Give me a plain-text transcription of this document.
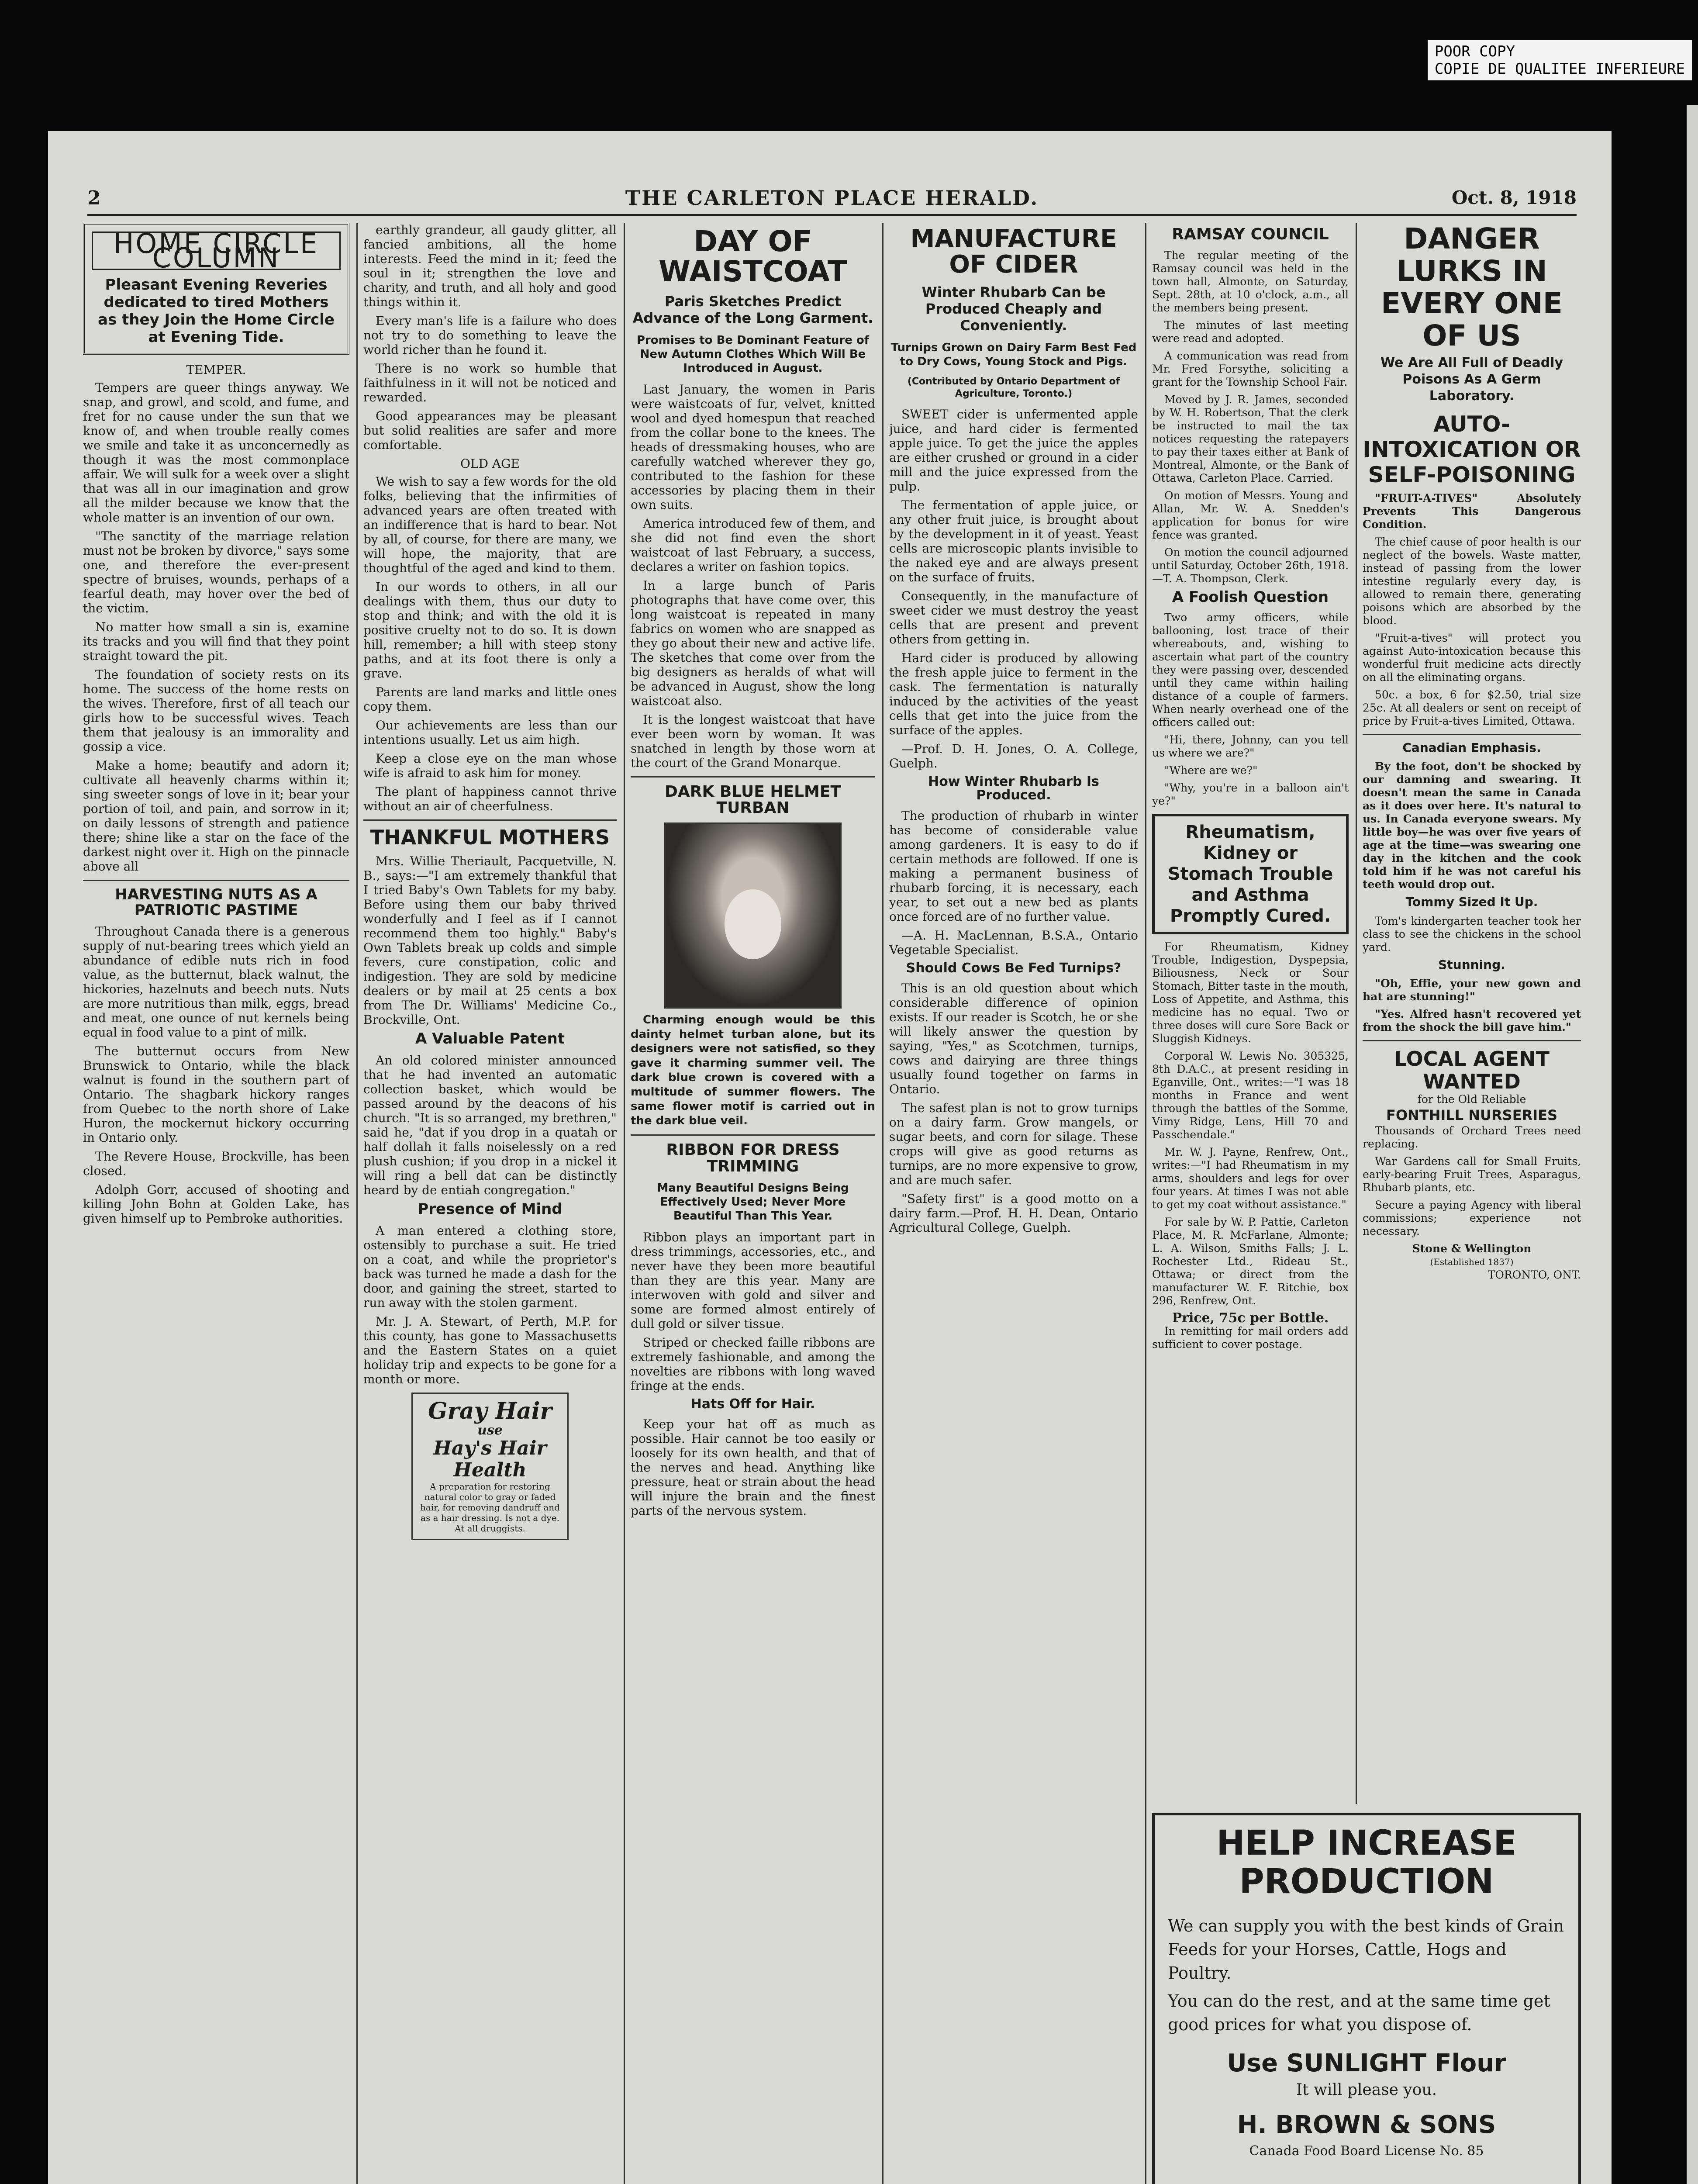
POOR COPY
COPIE DE QUALITEE INFERIEURE
2	THE CARLETON PLACE HERALD.	Oct. 8, 1918
HOME CIRCLE COLUMN
Pleasant Evening Reveries dedicated to tired Mothers as they Join the Home Circle at Evening Tide.
TEMPER.

Tempers are queer things anyway. We snap, and growl, and scold, and fume, and fret for no cause under the sun that we know of, and when trouble really comes we smile and take it as unconcernedly as though it was the most commonplace affair. We will sulk for a week over a slight that was all in our imagination and grow all the milder because we know that the whole matter is an invention of our own.

"The sanctity of the marriage relation must not be broken by divorce," says some one, and therefore the ever-present spectre of bruises, wounds, perhaps of a fearful death, may hover over the bed of the victim.

No matter how small a sin is, examine its tracks and you will find that they point straight toward the pit.

The foundation of society rests on its home. The success of the home rests on the wives. Therefore, first of all teach our girls how to be successful wives. Teach them that jealousy is an immorality and gossip a vice.

Make a home; beautify and adorn it; cultivate all heavenly charms within it; sing sweeter songs of love in it; bear your portion of toil, and pain, and sorrow in it; on daily lessons of strength and patience there; shine like a star on the face of the darkest night over it. High on the pinnacle above all

HARVESTING NUTS AS A PATRIOTIC PASTIME

Throughout Canada there is a generous supply of nut-bearing trees which yield an abundance of edible nuts rich in food value, as the butternut, black walnut, the hickories, hazelnuts and beech nuts. Nuts are more nutritious than milk, eggs, bread and meat, one ounce of nut kernels being equal in food value to a pint of milk.

The butternut occurs from New Brunswick to Ontario, while the black walnut is found in the southern part of Ontario. The shagbark hickory ranges from Quebec to the north shore of Lake Huron, the mockernut hickory occurring in Ontario only.

The Revere House, Brockville, has been closed.

Adolph Gorr, accused of shooting and killing John Bohn at Golden Lake, has given himself up to Pembroke authorities.

earthly grandeur, all gaudy glitter, all fancied ambitions, all the home interests. Feed the mind in it; feed the soul in it; strengthen the love and charity, and truth, and all holy and good things within it.

Every man's life is a failure who does not try to do something to leave the world richer than he found it.

There is no work so humble that faithfulness in it will not be noticed and rewarded.

Good appearances may be pleasant but solid realities are safer and more comfortable.

OLD AGE

We wish to say a few words for the old folks, believing that the infirmities of advanced years are often treated with an indifference that is hard to bear. Not by all, of course, for there are many, we will hope, the majority, that are thoughtful of the aged and kind to them.

In our words to others, in all our dealings with them, thus our duty to stop and think; and with the old it is positive cruelty not to do so. It is down hill, remember; a hill with steep stony paths, and at its foot there is only a grave.

Parents are land marks and little ones copy them.

Our achievements are less than our intentions usually. Let us aim high.

Keep a close eye on the man whose wife is afraid to ask him for money.

The plant of happiness cannot thrive without an air of cheerfulness.

THANKFUL MOTHERS

Mrs. Willie Theriault, Pacquetville, N. B., says:—"I am extremely thankful that I tried Baby's Own Tablets for my baby. Before using them our baby thrived wonderfully and I feel as if I cannot recommend them too highly." Baby's Own Tablets break up colds and simple fevers, cure constipation, colic and indigestion. They are sold by medicine dealers or by mail at 25 cents a box from The Dr. Williams' Medicine Co., Brockville, Ont.

A Valuable Patent

An old colored minister announced that he had invented an automatic collection basket, which would be passed around by the deacons of his church. "It is so arranged, my brethren," said he, "dat if you drop in a quatah or half dollah it falls noiselessly on a red plush cushion; if you drop in a nickel it will ring a bell dat can be distinctly heard by de entiah congregation."

Presence of Mind

A man entered a clothing store, ostensibly to purchase a suit. He tried on a coat, and while the proprietor's back was turned he made a dash for the door, and gaining the street, started to run away with the stolen garment.

Mr. J. A. Stewart, of Perth, M.P. for this county, has gone to Massachusetts and the Eastern States on a quiet holiday trip and expects to be gone for a month or more.

Gray Hair
use
Hay's Hair Health
A preparation for restoring natural color to gray or faded hair, for removing dandruff and as a hair dressing. Is not a dye. At all druggists.
DAY OF WAISTCOAT
Paris Sketches Predict Advance of the Long Garment.
Promises to Be Dominant Feature of New Autumn Clothes Which Will Be Introduced in August.

Last January, the women in Paris were waistcoats of fur, velvet, knitted wool and dyed homespun that reached from the collar bone to the knees. The heads of dressmaking houses, who are carefully watched wherever they go, contributed to the fashion for these accessories by placing them in their own suits.

America introduced few of them, and she did not find even the short waistcoat of last February, a success, declares a writer on fashion topics.

In a large bunch of Paris photographs that have come over, this long waistcoat is repeated in many fabrics on women who are snapped as they go about their new and active life. The sketches that come over from the big designers as heralds of what will be advanced in August, show the long waistcoat also.

It is the longest waistcoat that have ever been worn by woman. It was snatched in length by those worn at the court of the Grand Monarque.

DARK BLUE HELMET TURBAN

Charming enough would be this dainty helmet turban alone, but its designers were not satisfied, so they gave it charming summer veil. The dark blue crown is covered with a multitude of summer flowers. The same flower motif is carried out in the dark blue veil.

RIBBON FOR DRESS TRIMMING
Many Beautiful Designs Being Effectively Used; Never More Beautiful Than This Year.

Ribbon plays an important part in dress trimmings, accessories, etc., and never have they been more beautiful than they are this year. Many are interwoven with gold and silver and some are formed almost entirely of dull gold or silver tissue.

Striped or checked faille ribbons are extremely fashionable, and among the novelties are ribbons with long waved fringe at the ends.

Hats Off for Hair.

Keep your hat off as much as possible. Hair cannot be too easily or loosely for its own health, and that of the nerves and head. Anything like pressure, heat or strain about the head will injure the brain and the finest parts of the nervous system.

MANUFACTURE OF CIDER
Winter Rhubarb Can be Produced Cheaply and Conveniently.
Turnips Grown on Dairy Farm Best Fed to Dry Cows, Young Stock and Pigs.
(Contributed by Ontario Department of Agriculture, Toronto.)

SWEET cider is unfermented apple juice, and hard cider is fermented apple juice. To get the juice the apples are either crushed or ground in a cider mill and the juice expressed from the pulp.

The fermentation of apple juice, or any other fruit juice, is brought about by the development in it of yeast. Yeast cells are microscopic plants invisible to the naked eye and are always present on the surface of fruits.

Consequently, in the manufacture of sweet cider we must destroy the yeast cells that are present and prevent others from getting in.

Hard cider is produced by allowing the fresh apple juice to ferment in the cask. The fermentation is naturally induced by the activities of the yeast cells that get into the juice from the surface of the apples.

—Prof. D. H. Jones, O. A. College, Guelph.

How Winter Rhubarb Is Produced.

The production of rhubarb in winter has become of considerable value among gardeners. It is easy to do if certain methods are followed. If one is making a permanent business of rhubarb forcing, it is necessary, each year, to set out a new bed as plants once forced are of no further value.

—A. H. MacLennan, B.S.A., Ontario Vegetable Specialist.

Should Cows Be Fed Turnips?

This is an old question about which considerable difference of opinion exists. If our reader is Scotch, he or she will likely answer the question by saying, "Yes," as Scotchmen, turnips, cows and dairying are three things usually found together on farms in Ontario.

The safest plan is not to grow turnips on a dairy farm. Grow mangels, or sugar beets, and corn for silage. These crops will give as good returns as turnips, are no more expensive to grow, and are much safer.

"Safety first" is a good motto on a dairy farm.—Prof. H. H. Dean, Ontario Agricultural College, Guelph.

RAMSAY COUNCIL

The regular meeting of the Ramsay council was held in the town hall, Almonte, on Saturday, Sept. 28th, at 10 o'clock, a.m., all the members being present.

The minutes of last meeting were read and adopted.

A communication was read from Mr. Fred Forsythe, soliciting a grant for the Township School Fair.

Moved by J. R. James, seconded by W. H. Robertson, That the clerk be instructed to mail the tax notices requesting the ratepayers to pay their taxes either at Bank of Montreal, Almonte, or the Bank of Ottawa, Carleton Place. Carried.

On motion of Messrs. Young and Allan, Mr. W. A. Snedden's application for bonus for wire fence was granted.

On motion the council adjourned until Saturday, October 26th, 1918.—T. A. Thompson, Clerk.

A Foolish Question

Two army officers, while ballooning, lost trace of their whereabouts, and, wishing to ascertain what part of the country they were passing over, descended until they came within hailing distance of a couple of farmers. When nearly overhead one of the officers called out:

"Hi, there, Johnny, can you tell us where we are?"

"Where are we?"

"Why, you're in a balloon ain't ye?"

Rheumatism, Kidney or Stomach Trouble and Asthma Promptly Cured.

For Rheumatism, Kidney Trouble, Indigestion, Dyspepsia, Biliousness, Neck or Sour Stomach, Bitter taste in the mouth, Loss of Appetite, and Asthma, this medicine has no equal. Two or three doses will cure Sore Back or Sluggish Kidneys.

Corporal W. Lewis No. 305325, 8th D.A.C., at present residing in Eganville, Ont., writes:—"I was 18 months in France and went through the battles of the Somme, Vimy Ridge, Lens, Hill 70 and Passchendale."

Mr. W. J. Payne, Renfrew, Ont., writes:—"I had Rheumatism in my arms, shoulders and legs for over four years. At times I was not able to get my coat without assistance."

For sale by W. P. Pattie, Carleton Place, M. R. McFarlane, Almonte; L. A. Wilson, Smiths Falls; J. L. Rochester Ltd., Rideau St., Ottawa; or direct from the manufacturer W. F. Ritchie, box 296, Renfrew, Ont.

Price, 75c per Bottle.

In remitting for mail orders add sufficient to cover postage.

DANGER LURKS IN EVERY ONE OF US
We Are All Full of Deadly Poisons As A Germ Laboratory.
AUTO-INTOXICATION OR SELF-POISONING

"FRUIT-A-TIVES" Absolutely Prevents This Dangerous Condition.

The chief cause of poor health is our neglect of the bowels. Waste matter, instead of passing from the lower intestine regularly every day, is allowed to remain there, generating poisons which are absorbed by the blood.

"Fruit-a-tives" will protect you against Auto-intoxication because this wonderful fruit medicine acts directly on all the eliminating organs.

50c. a box, 6 for $2.50, trial size 25c. At all dealers or sent on receipt of price by Fruit-a-tives Limited, Ottawa.

Canadian Emphasis.

By the foot, don't be shocked by our damning and swearing. It doesn't mean the same in Canada as it does over here. It's natural to us. In Canada everyone swears. My little boy—he was over five years of age at the time—was swearing one day in the kitchen and the cook told him if he was not careful his teeth would drop out.

Tommy Sized It Up.

Tom's kindergarten teacher took her class to see the chickens in the school yard.

Stunning.

"Oh, Effie, your new gown and hat are stunning!"

"Yes. Alfred hasn't recovered yet from the shock the bill gave him."

LOCAL AGENT WANTED
for the Old Reliable
FONTHILL NURSERIES

Thousands of Orchard Trees need replacing.

War Gardens call for Small Fruits, early-bearing Fruit Trees, Asparagus, Rhubarb plants, etc.

Secure a paying Agency with liberal commissions; experience not necessary.

Stone & Wellington
(Established 1837)
TORONTO, ONT.
HELP INCREASE
PRODUCTION

We can supply you with the best kinds of Grain Feeds for your Horses, Cattle, Hogs and Poultry.

You can do the rest, and at the same time get good prices for what you dispose of.

Use SUNLIGHT Flour
It will please you.
H. BROWN & SONS
Canada Food Board License No. 85
